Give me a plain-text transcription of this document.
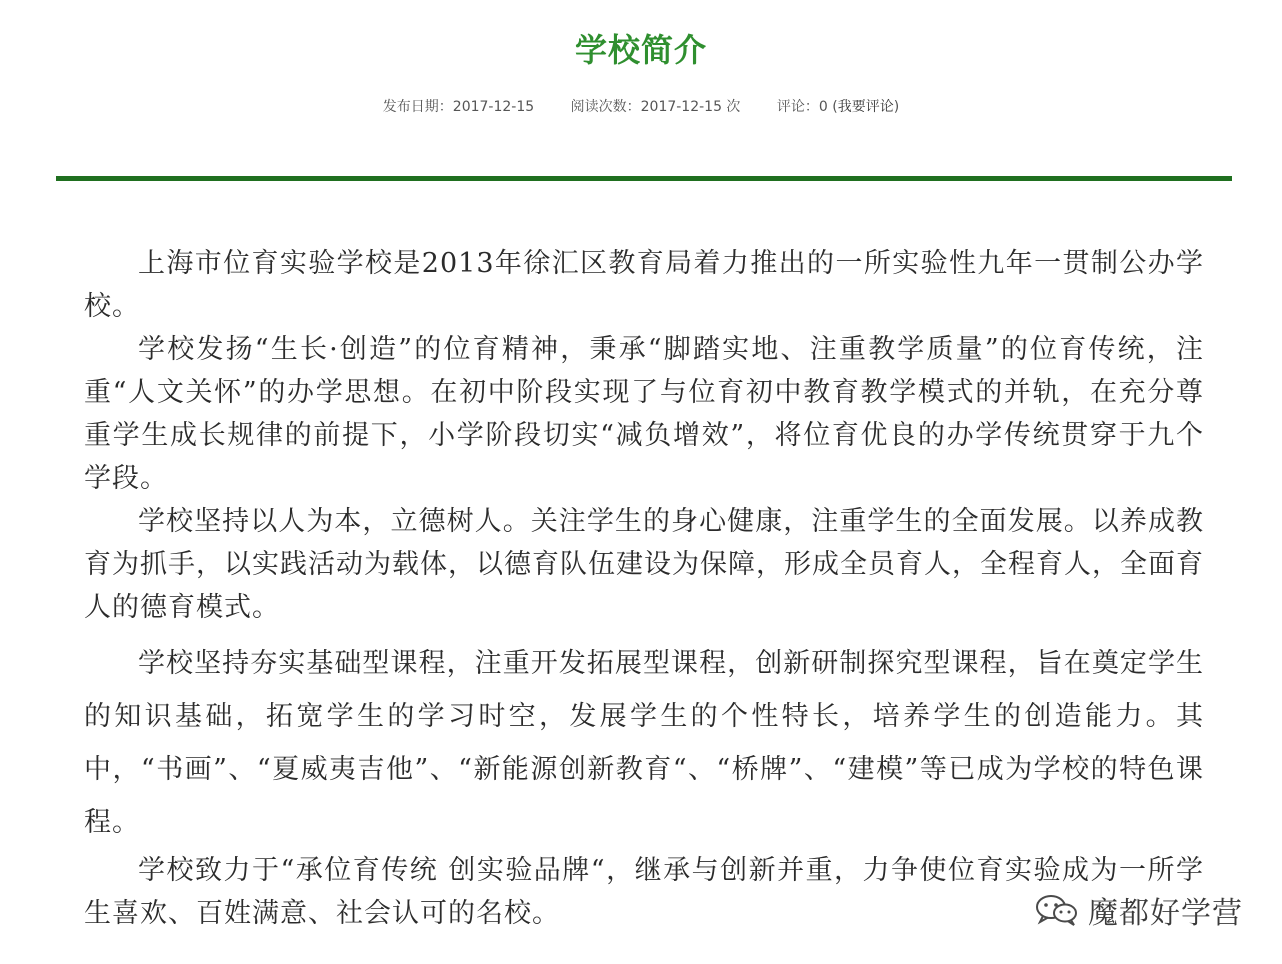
学校简介
发布日期：2017-12-15	阅读次数：2017-12-15 次	评论：0 (我要评论)

上海市位育实验学校是2013年徐汇区教育局着力推出的一所实验性九年一贯制公办学校。

学校发扬“生长·创造”的位育精神，秉承“脚踏实地、注重教学质量”的位育传统，注重“人文关怀”的办学思想。在初中阶段实现了与位育初中教育教学模式的并轨，在充分尊重学生成长规律的前提下，小学阶段切实“减负增效”，将位育优良的办学传统贯穿于九个学段。

学校坚持以人为本，立德树人。关注学生的身心健康，注重学生的全面发展。以养成教育为抓手，以实践活动为载体，以德育队伍建设为保障，形成全员育人，全程育人，全面育人的德育模式。

学校坚持夯实基础型课程，注重开发拓展型课程，创新研制探究型课程，旨在奠定学生的知识基础，拓宽学生的学习时空，发展学生的个性特长，培养学生的创造能力。其中，“书画”、“夏威夷吉他”、“新能源创新教育“、“桥牌”、“建模”等已成为学校的特色课程。

学校致力于“承位育传统 创实验品牌“，继承与创新并重，力争使位育实验成为一所学生喜欢、百姓满意、社会认可的名校。	魔都好学营
